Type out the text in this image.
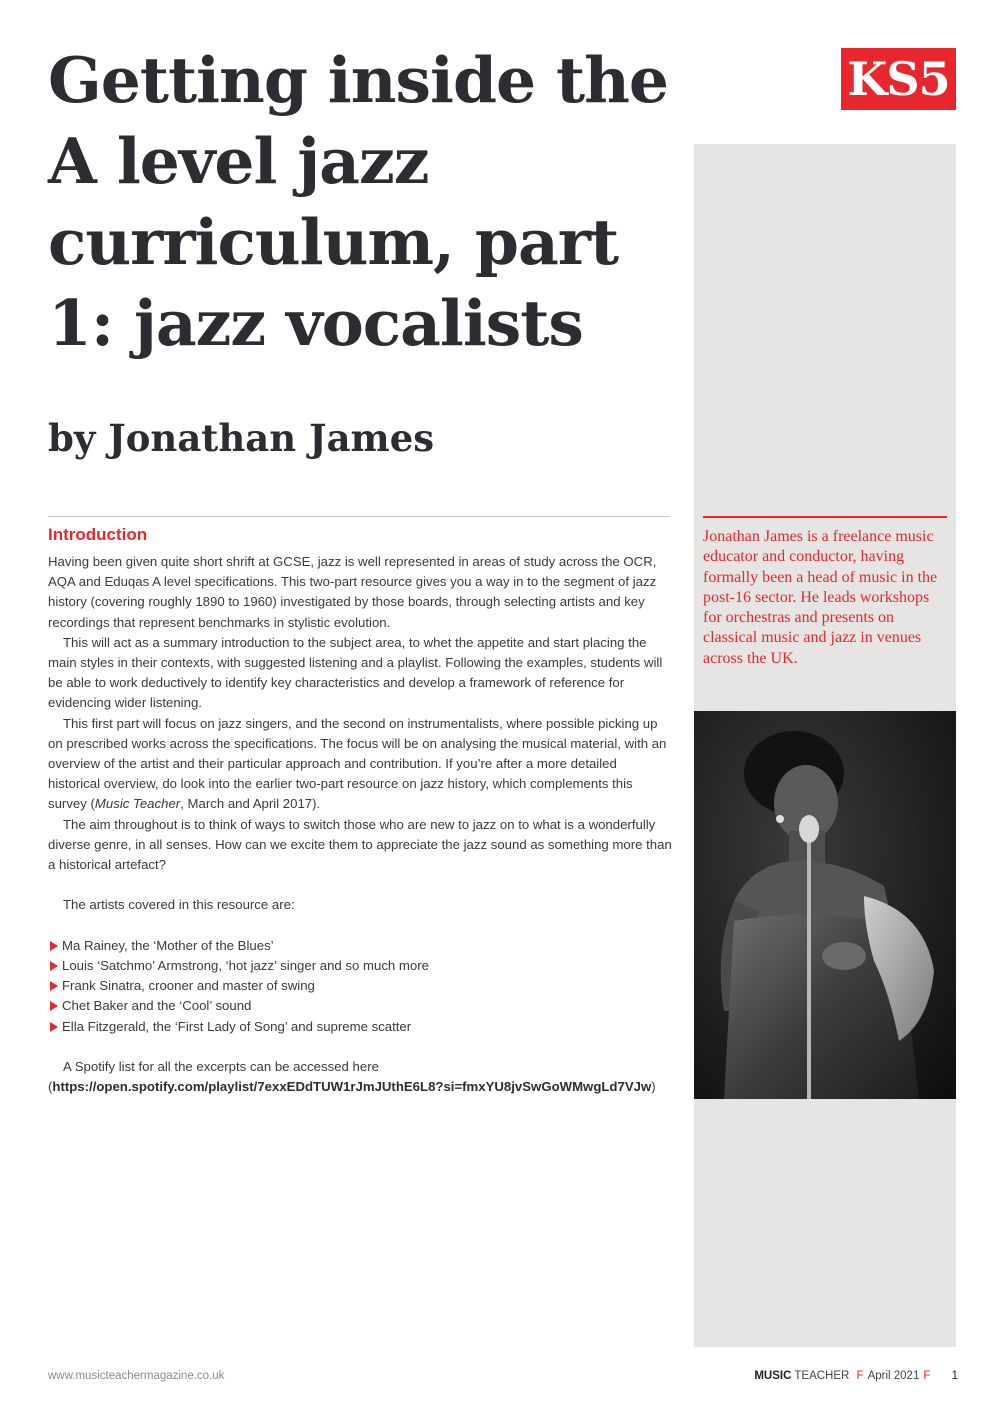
Getting inside the A level jazz curriculum, part 1: jazz vocalists
by Jonathan James
KS5

Jonathan James is a freelance music educator and conductor, having formally been a head of music in the post-16 sector. He leads workshops for orchestras and presents on classical music and jazz in venues across the UK.

Introduction

Having been given quite short shrift at GCSE, jazz is well represented in areas of study across the OCR, AQA and Eduqas A level specifications. This two-part resource gives you a way in to the segment of jazz history (covering roughly 1890 to 1960) investigated by those boards, through selecting artists and key recordings that represent benchmarks in stylistic evolution.

This will act as a summary introduction to the subject area, to whet the appetite and start placing the main styles in their contexts, with suggested listening and a playlist. Following the examples, students will be able to work deductively to identify key characteristics and develop a framework of reference for evidencing wider listening.

This first part will focus on jazz singers, and the second on instrumentalists, where possible picking up on prescribed works across the specifications. The focus will be on analysing the musical material, with an overview of the artist and their particular approach and contribution. If you’re after a more detailed historical overview, do look into the earlier two-part resource on jazz history, which complements this survey (Music Teacher, March and April 2017).

The aim throughout is to think of ways to switch those who are new to jazz on to what is a wonderfully diverse genre, in all senses. How can we excite them to appreciate the jazz sound as something more than a historical artefact?

The artists covered in this resource are:

Ma Rainey, the ‘Mother of the Blues’
Louis ‘Satchmo’ Armstrong, ‘hot jazz’ singer and so much more
Frank Sinatra, crooner and master of swing
Chet Baker and the ‘Cool’ sound
Ella Fitzgerald, the ‘First Lady of Song’ and supreme scatter

A Spotify list for all the excerpts can be accessed here (https://open.spotify.com/playlist/7exxEDdTUW1rJmJUthE6L8?si=fmxYU8jvSwGoWMwgLd7VJw)

www.musicteachermagazine.co.uk	MUSIC TEACHER F April 2021 F 1
